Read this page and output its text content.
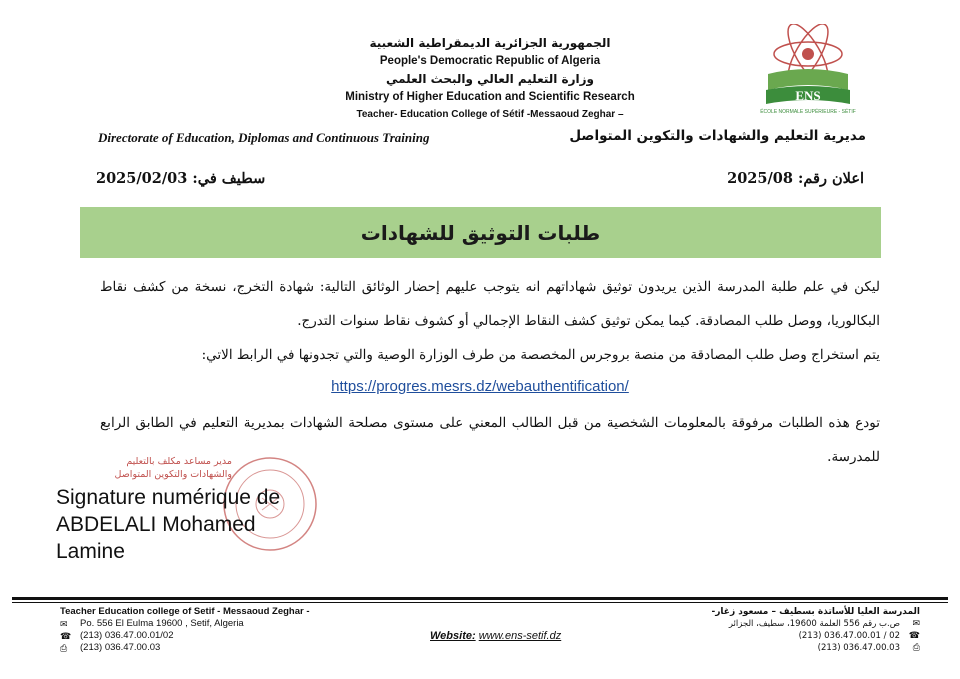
الجمهورية الجزائرية الديمقراطية الشعبية
People's Democratic Republic of Algeria
وزارة التعليم العالي والبحث العلمي
Ministry of Higher Education and Scientific Research
Teacher- Education College of Sétif -Messaoud Zeghar –
ENS
ÉCOLE NORMALE SUPÉRIEURE - SÉTIF
Directorate of Education, Diplomas and Continuous Training	مديرية التعليم والشهادات والتكوين المتواصل
اعلان رقم: 2025/08
سطيف في: 2025/02/03
طلبات التوثيق للشهادات

ليكن في علم طلبة المدرسة الذين يريدون توثيق شهاداتهم انه يتوجب عليهم إحضار الوثائق التالية: شهادة التخرج، نسخة من كشف نقاط البكالوريا، ووصل طلب المصادقة. كيما يمكن توثيق كشف النقاط الإجمالي أو كشوف نقاط سنوات التدرج.

يتم استخراج وصل طلب المصادقة من منصة بروجرس المخصصة من طرف الوزارة الوصية والتي تجدونها في الرابط الاتي:

تودع هذه الطلبات مرفوقة بالمعلومات الشخصية من قبل الطالب المعني على مستوى مصلحة الشهادات بمديرية التعليم في الطابق الرابع للمدرسة.

https://progres.mesrs.dz/webauthentification/
مدير مساعد مكلف بالتعليم والشهادات والتكوين المتواصل
Signature numérique de
ABDELALI Mohamed
Lamine
Teacher Education college of Setif - Messaoud Zeghar -
✉	Po. 556 El Eulma 19600 , Setif, Algeria
☎ (213) 036.47.00.01/02
⎙	(213) 036.47.00.03
Website: www.ens-setif.dz
المدرسة العليا للأساتذة بسطيف – مسعود زغار-
✉
ص.ب رقم 556 العلمة 19600، سطيف، الجزائر
☎
(213) 036.47.00.01 / 02
⎙
(213) 036.47.00.03
